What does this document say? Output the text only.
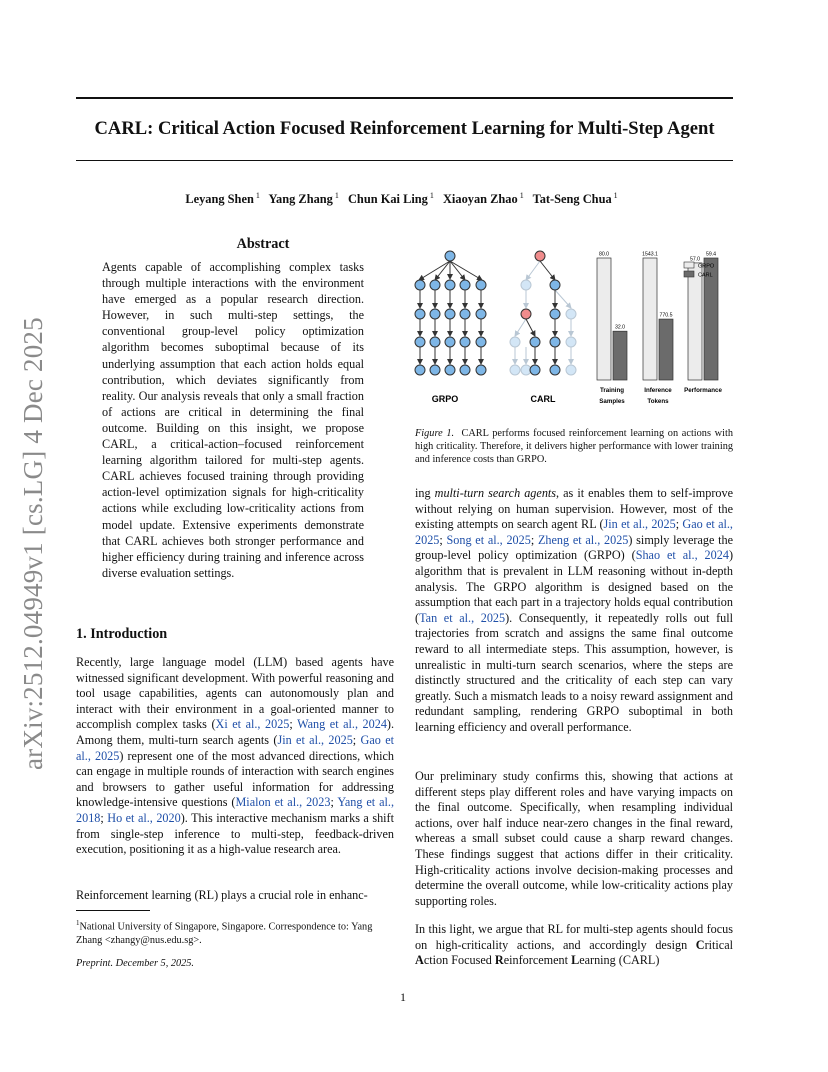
CARL: Critical Action Focused Reinforcement Learning for Multi-Step Agent
Leyang Shen $^1$ Yang Zhang $^1$ Chun Kai Ling $^1$ Xiaoyan Zhao $^1$ Tat-Seng Chua $^1$
arXiv:2512.04949v1 [cs.LG] 4 Dec 2025
Abstract
Agents capable of accomplishing complex tasks through multiple interactions with the environment have emerged as a popular research direction. However, in such multi-step settings, the conventional group-level policy optimization algorithm becomes suboptimal because of its underlying assumption that each action holds equal contribution, which deviates significantly from reality. Our analysis reveals that only a small fraction of actions are critical in determining the final outcome. Building on this insight, we propose CARL, a critical-action–focused reinforcement learning algorithm tailored for multi-step agents. CARL achieves focused training through providing action-level optimization signals for high-criticality actions while excluding low-criticality actions from model update. Extensive experiments demonstrate that CARL achieves both stronger performance and higher efficiency during training and inference across diverse evaluation settings.
1. Introduction
Recently, large language model (LLM) based agents have witnessed significant development. With powerful reasoning and tool usage capabilities, agents can autonomously plan and interact with their environment in a goal-oriented manner to accomplish complex tasks (Xi et al., 2025; Wang et al., 2024). Among them, multi-turn search agents (Jin et al., 2025; Gao et al., 2025) represent one of the most advanced directions, which can engage in multiple rounds of interaction with search engines and browsers to gather useful information for addressing knowledge-intensive questions (Mialon et al., 2023; Yang et al., 2018; Ho et al., 2020). This interactive mechanism marks a shift from single-step inference to multi-step, feedback-driven execution, positioning it as a high-value research area.
Reinforcement learning (RL) plays a crucial role in enhanc-
$^1$National University of Singapore, Singapore. Correspondence to: Yang Zhang <zhangy@nus.edu.sg>.
Preprint. December 5, 2025.
1
GRPO	CARL
80.0
32.0
Training
Samples
1543.1
770.5
Inference
Tokens
57.0
59.4
Performance
GRPO
CARL
Figure 1. CARL performs focused reinforcement learning on actions with high criticality. Therefore, it delivers higher performance with lower training and inference costs than GRPO.
ing multi-turn search agents, as it enables them to self-improve without relying on human supervision. However, most of the existing attempts on search agent RL (Jin et al., 2025; Gao et al., 2025; Song et al., 2025; Zheng et al., 2025) simply leverage the group-level policy optimization (GRPO) (Shao et al., 2024) algorithm that is prevalent in LLM reasoning without in-depth analysis. The GRPO algorithm is designed based on the assumption that each part in a trajectory holds equal contribution (Tan et al., 2025). Consequently, it repeatedly rolls out full trajectories from scratch and assigns the same final outcome reward to all intermediate steps. This assumption, however, is unrealistic in multi-turn search scenarios, where the steps are distinctly structured and the criticality of each step can vary greatly. Such a mismatch leads to a noisy reward assignment and redundant sampling, rendering GRPO suboptimal in both learning efficiency and overall performance.
Our preliminary study confirms this, showing that actions at different steps play different roles and have varying impacts on the final outcome. Specifically, when resampling individual actions, over half induce near-zero changes in the final reward, whereas a small subset could cause a sharp reward changes. These findings suggest that actions differ in their criticality. High-criticality actions involve decision-making processes and determine the overall outcome, while low-criticality actions play supporting roles.
In this light, we argue that RL for multi-step agents should focus on high-criticality actions, and accordingly design Critical Action Focused Reinforcement Learning (CARL)
